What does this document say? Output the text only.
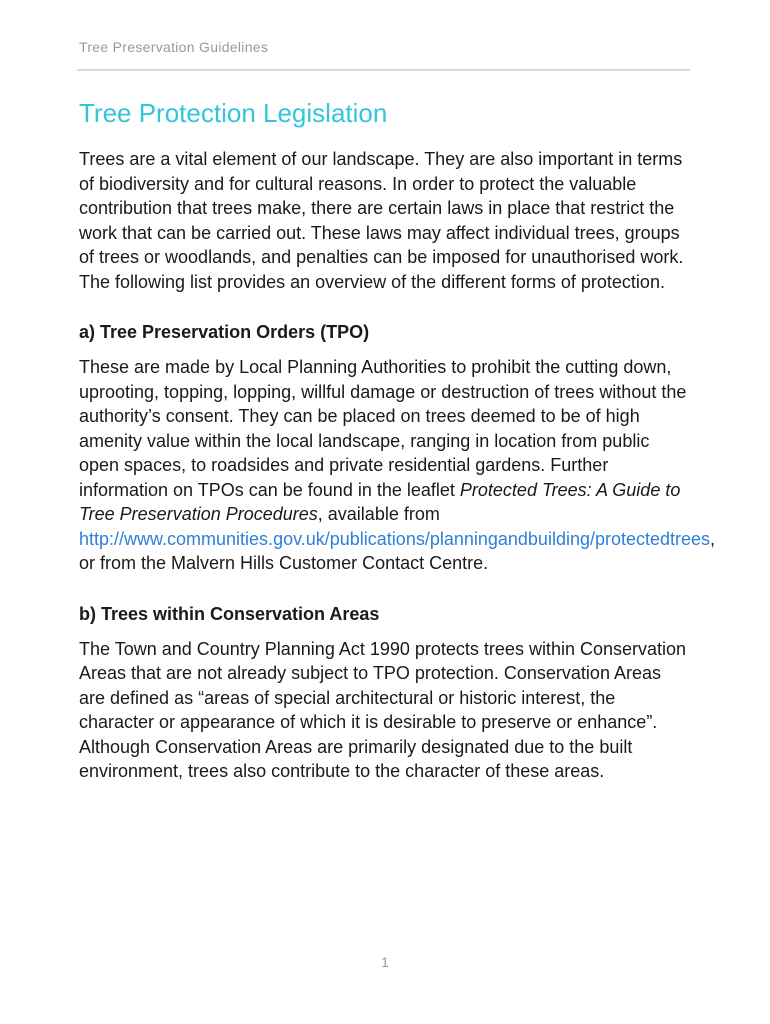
Tree Preservation Guidelines
Tree Protection Legislation

Trees are a vital element of our landscape. They are also important in terms of biodiversity and for cultural reasons. In order to protect the valuable contribution that trees make, there are certain laws in place that restrict the work that can be carried out. These laws may affect individual trees, groups of trees or woodlands, and penalties can be imposed for unauthorised work. The following list provides an overview of the different forms of protection.

a) Tree Preservation Orders (TPO)

These are made by Local Planning Authorities to prohibit the cutting down, uprooting, topping, lopping, willful damage or destruction of trees without the authority’s consent. They can be placed on trees deemed to be of high amenity value within the local landscape, ranging in location from public open spaces, to roadsides and private residential gardens. Further information on TPOs can be found in the leaflet Protected Trees: A Guide to Tree Preservation Procedures, available from http://www.communities.gov.uk/publications/planningandbuilding/protectedtrees, or from the Malvern Hills Customer Contact Centre.

b) Trees within Conservation Areas

The Town and Country Planning Act 1990 protects trees within Conservation Areas that are not already subject to TPO protection. Conservation Areas are defined as “areas of special architectural or historic interest, the character or appearance of which it is desirable to preserve or enhance”. Although Conservation Areas are primarily designated due to the built environment, trees also contribute to the character of these areas.

1
